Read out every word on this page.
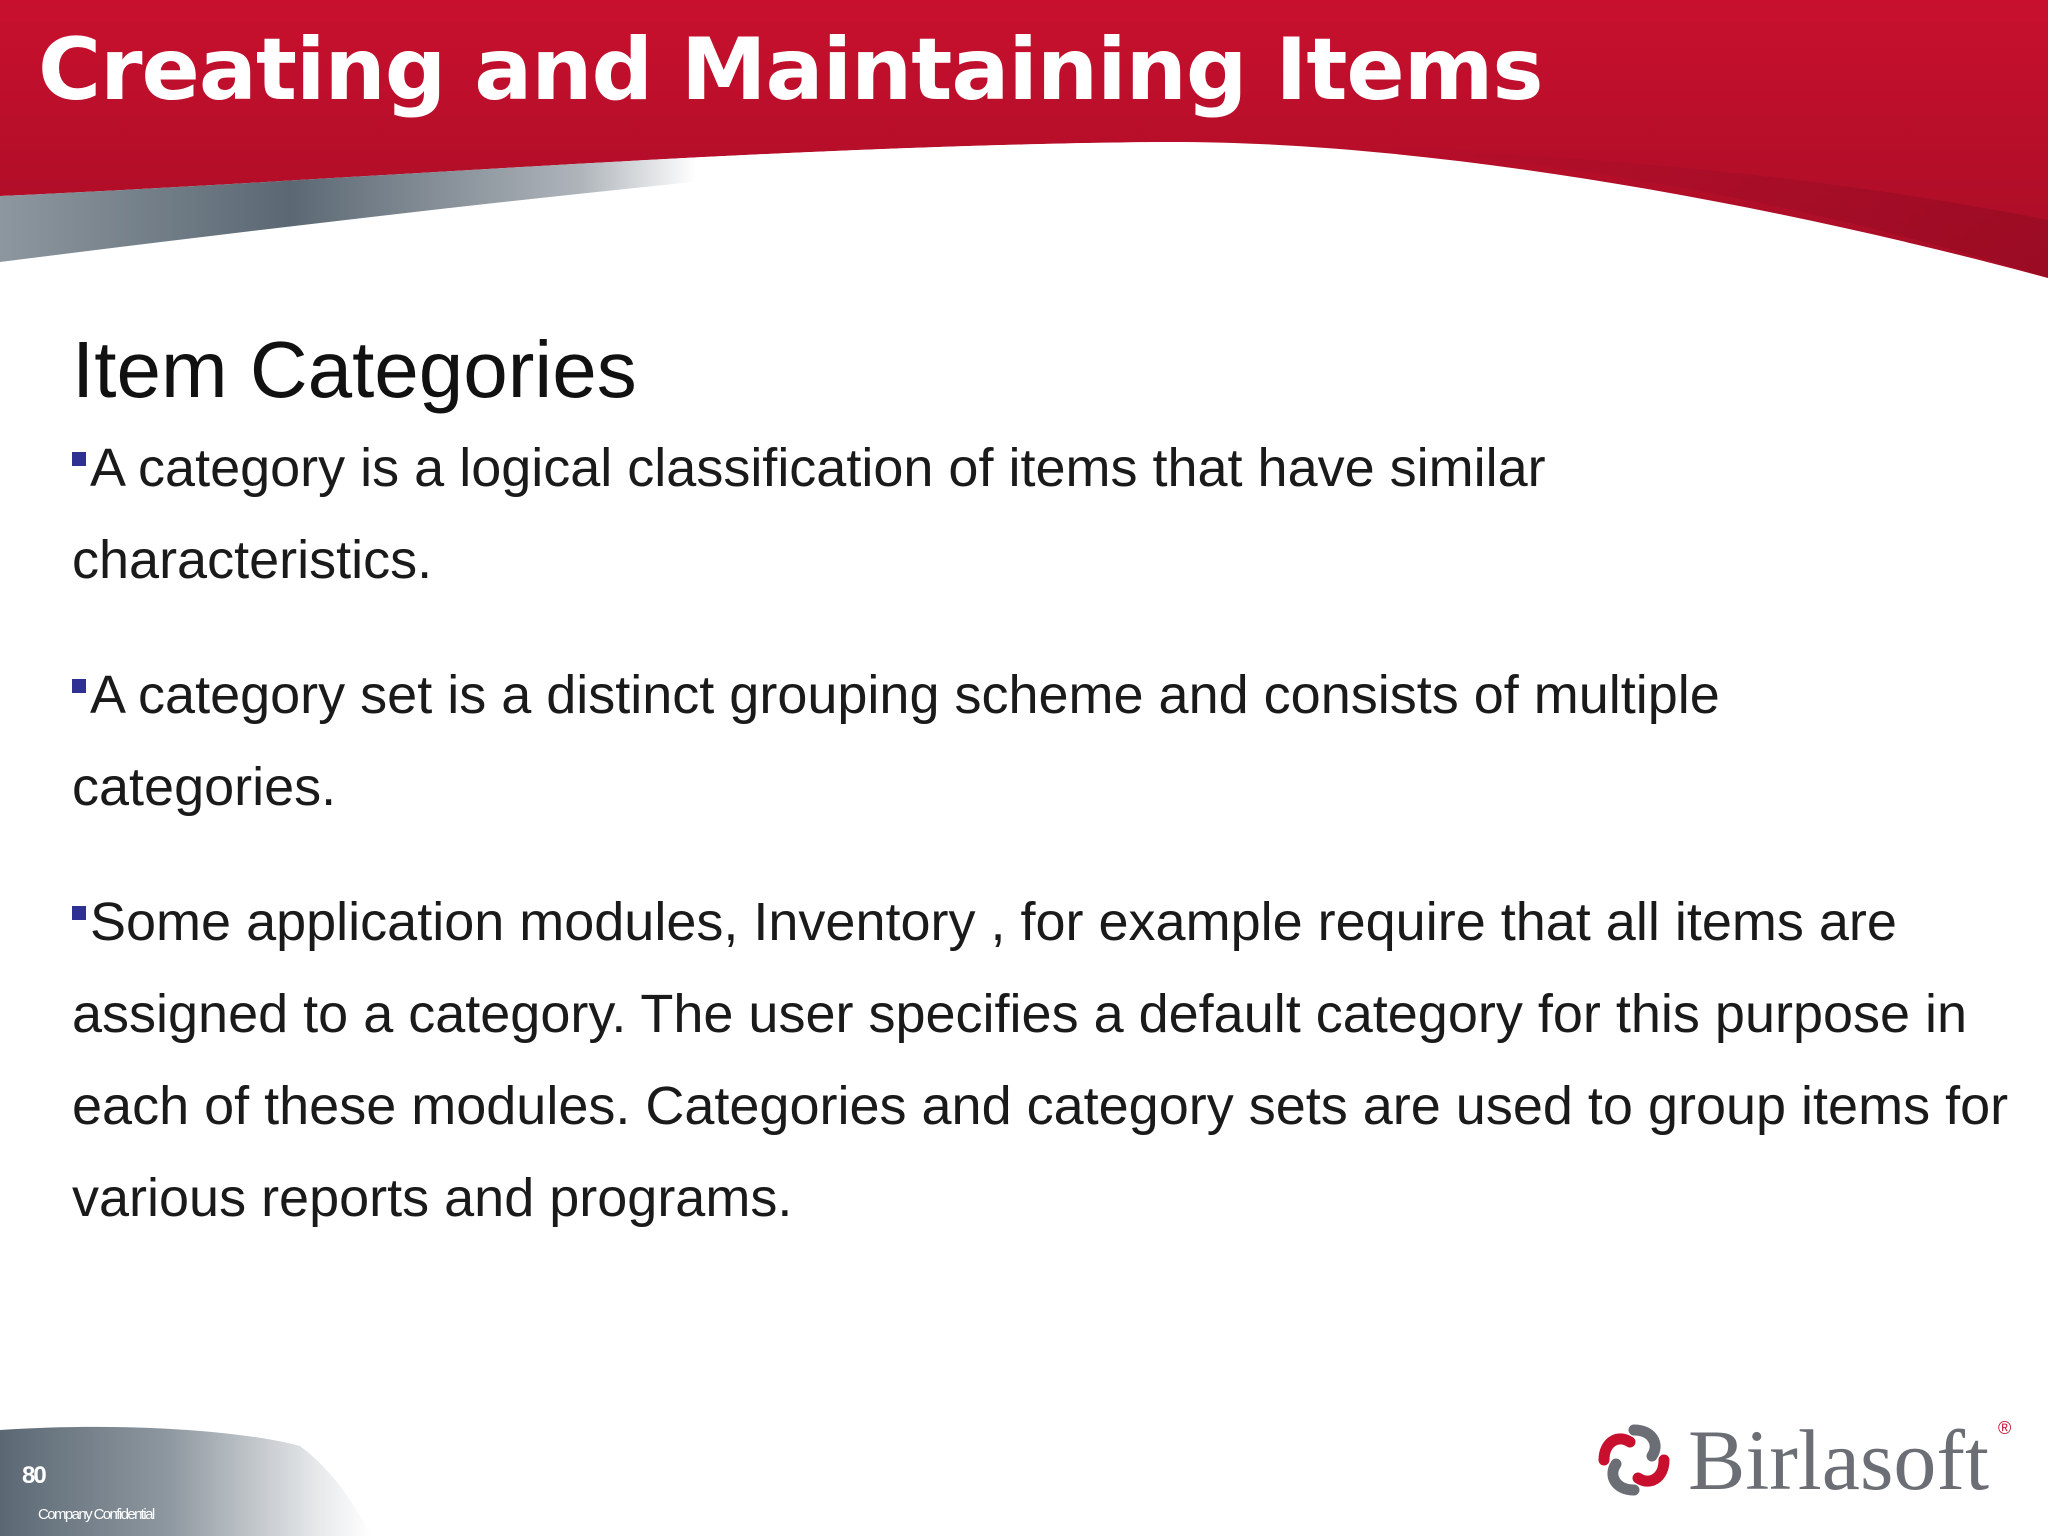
Creating and Maintaining Items
Item Categories
A category is a logical classification of items that have similar characteristics.
A category set is a distinct grouping scheme and consists of multiple categories.
Some application modules, Inventory , for example require that all items are assigned to a category. The user specifies a default category for this purpose in each of these modules. Categories and category sets are used to group items for various reports and programs.
80
Company Confidential
Birlasoft ®
